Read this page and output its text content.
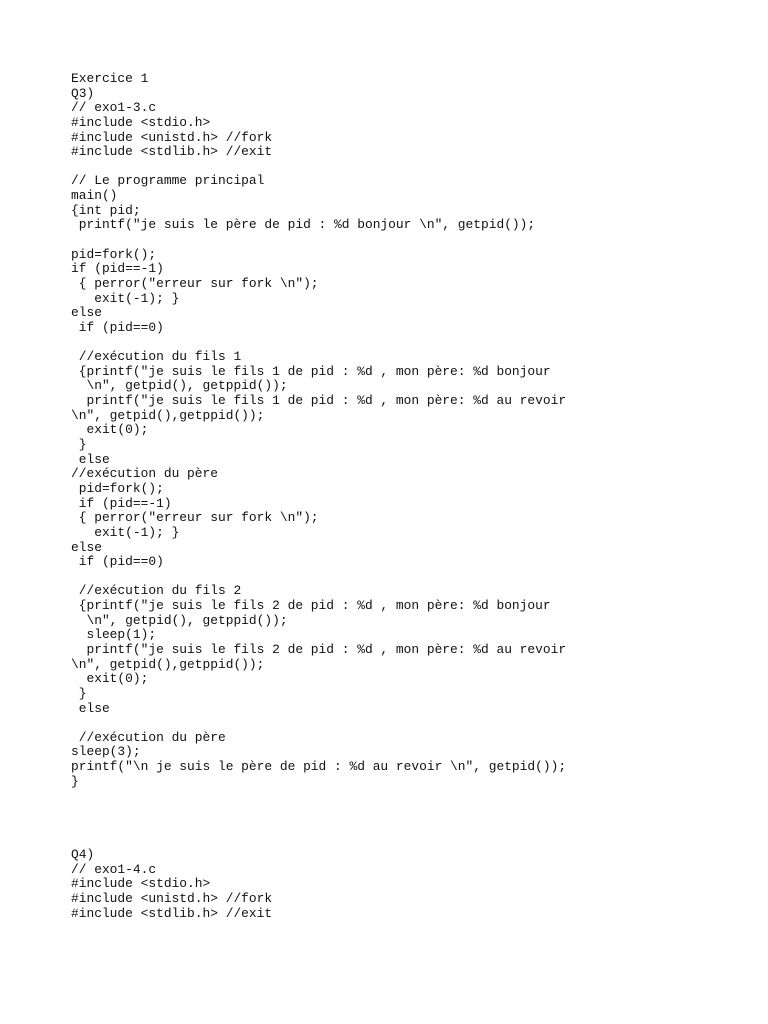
Exercice 1
Q3)
// exo1-3.c
#include <stdio.h>
#include <unistd.h> //fork
#include <stdlib.h> //exit
// Le programme principal
main()
{int pid;
printf("je suis le père de pid : %d bonjour \n", getpid());
pid=fork();
if (pid==-1)
{ perror("erreur sur fork \n");
exit(-1); }
else
if (pid==0)
//exécution du fils 1
{printf("je suis le fils 1 de pid : %d , mon père: %d bonjour
\n", getpid(), getppid());
printf("je suis le fils 1 de pid : %d , mon père: %d au revoir
\n", getpid(),getppid());
exit(0);
}
else
//exécution du père
pid=fork();
if (pid==-1)
{ perror("erreur sur fork \n");
exit(-1); }
else
if (pid==0)
//exécution du fils 2
{printf("je suis le fils 2 de pid : %d , mon père: %d bonjour
\n", getpid(), getppid());
sleep(1);
printf("je suis le fils 2 de pid : %d , mon père: %d au revoir
\n", getpid(),getppid());
exit(0);
}
else
//exécution du père
sleep(3);
printf("\n je suis le père de pid : %d au revoir \n", getpid());
}
Q4)
// exo1-4.c
#include <stdio.h>
#include <unistd.h> //fork
#include <stdlib.h> //exit
